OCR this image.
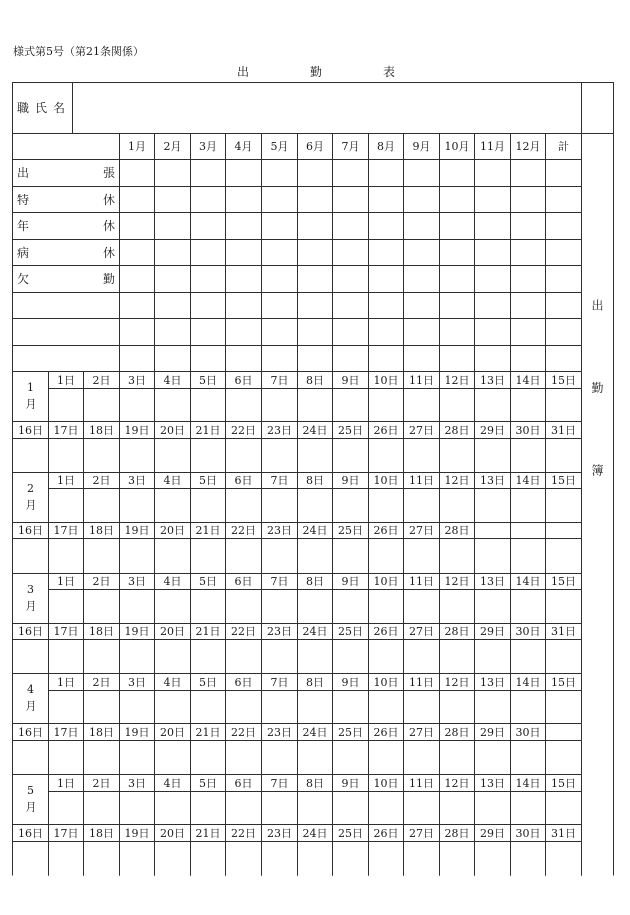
様式第5号（第21条関係）
出勤表
職氏名
1月	2月	3月	4月	5月	6月	7月	8月	9月	10月 11月 12月	計
出張
特休
年休
病休
欠勤
1月
1日	2日	3日	4日	5日	6日	7日	8日	9日	10日 11日 12日 13日 14日 15日
16日 17日 18日 19日 20日 21日 22日	23日 24日 25日 26日 27日 28日 29日 30日 31日
2月
1日	2日	3日	4日	5日	6日	7日	8日	9日	10日 11日 12日 13日 14日 15日
16日 17日 18日 19日 20日 21日 22日	23日 24日 25日 26日 27日 28日
3月
1日	2日	3日	4日	5日	6日	7日	8日	9日	10日 11日 12日 13日 14日 15日
16日 17日 18日 19日 20日 21日 22日	23日 24日 25日 26日 27日 28日 29日 30日 31日
4月
1日	2日	3日	4日	5日	6日	7日	8日	9日	10日 11日 12日 13日 14日 15日
16日 17日 18日 19日 20日 21日 22日	23日 24日 25日 26日 27日 28日 29日 30日
5月
1日	2日	3日	4日	5日	6日	7日	8日	9日	10日 11日 12日 13日 14日 15日
16日 17日 18日 19日 20日 21日 22日	23日 24日 25日 26日 27日 28日 29日 30日 31日
出勤簿
